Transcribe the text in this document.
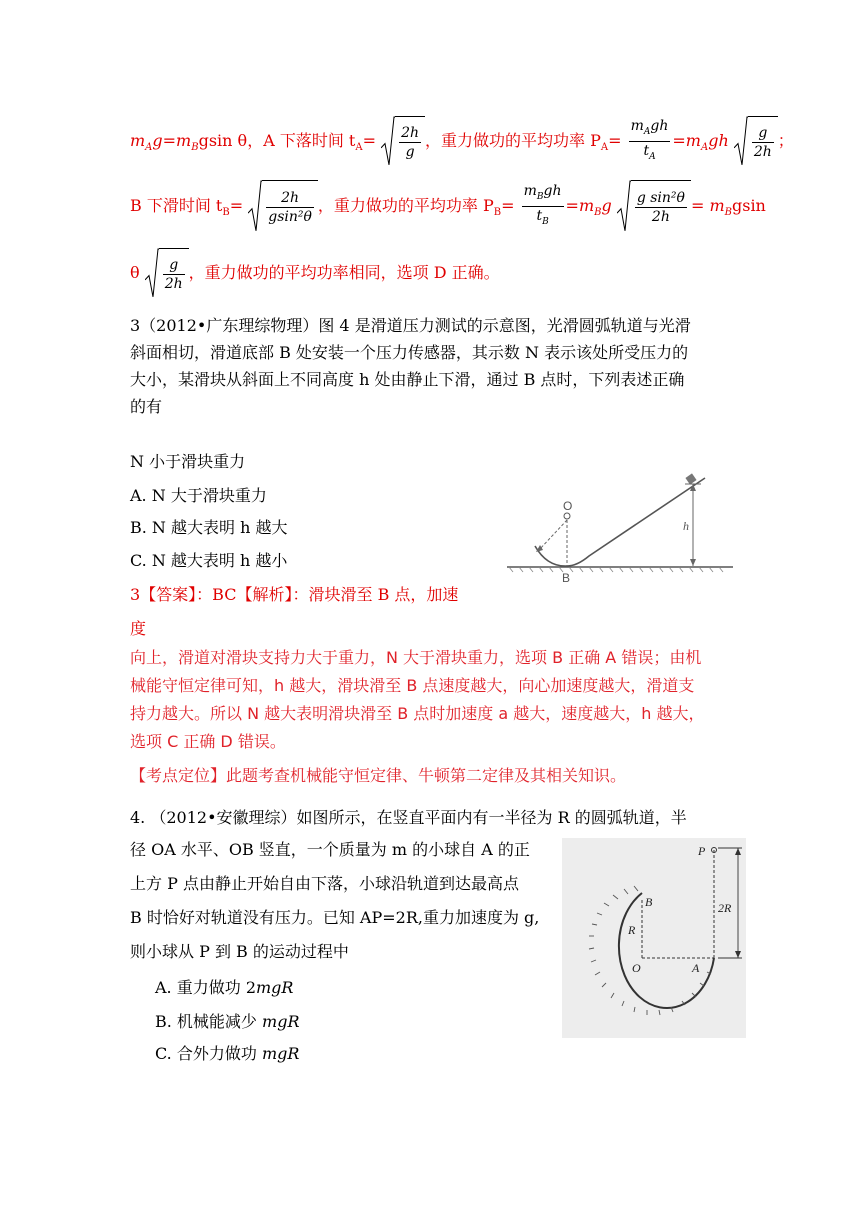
$m_Ag=m_Bgsin$ θ，A 下落时间 $t_A= \frac{2h}{g}$ ，重力做功的平均功率 $P_A= \frac{m_Agh}{t_A} =m_Agh \frac{g}{2h}$ ；
B 下滑时间 $t_B= \frac{2h}{\text{gsin²θ}}$ ，重力做功的平均功率 $P_B= \frac{m_Bgh}{t_B} =m_Bg \frac{\text{g sin²θ}}{2h} = m_Bgsin$
θ $\frac{g}{2h}$ ，重力做功的平均功率相同，选项 D 正确。
3（2012•广东理综物理）图 4 是滑道压力测试的示意图，光滑圆弧轨道与光滑
斜面相切，滑道底部 B 处安装一个压力传感器，其示数 N 表示该处所受压力的
大小，某滑块从斜面上不同高度 h 处由静止下滑，通过 B 点时，下列表述正确
的有
N 小于滑块重力
A. N 大于滑块重力
B. N 越大表明 h 越大
C. N 越大表明 h 越小
O
B
h
3【答案】：BC【解析】：滑块滑至 B 点，加速
度
向上，滑道对滑块支持力大于重力，N 大于滑块重力，选项 B 正确 A 错误；由机
械能守恒定律可知，h 越大，滑块滑至 B 点速度越大，向心加速度越大，滑道支
持力越大。所以 N 越大表明滑块滑至 B 点时加速度 a 越大，速度越大，h 越大，
选项 C 正确 D 错误。
【考点定位】此题考查机械能守恒定律、牛顿第二定律及其相关知识。
4. （2012•安徽理综）如图所示，在竖直平面内有一半径为 R 的圆弧轨道，半
径 OA 水平、OB 竖直，一个质量为 m 的小球自 A 的正
上方 P 点由静止开始自由下落，小球沿轨道到达最高点
B 时恰好对轨道没有压力。已知 AP=2R,重力加速度为 g,
则小球从 P 到 B 的运动过程中
A. 重力做功 2mgR
B. 机械能减少 mgR
C. 合外力做功 mgR
P
B
R
2R
O	A
